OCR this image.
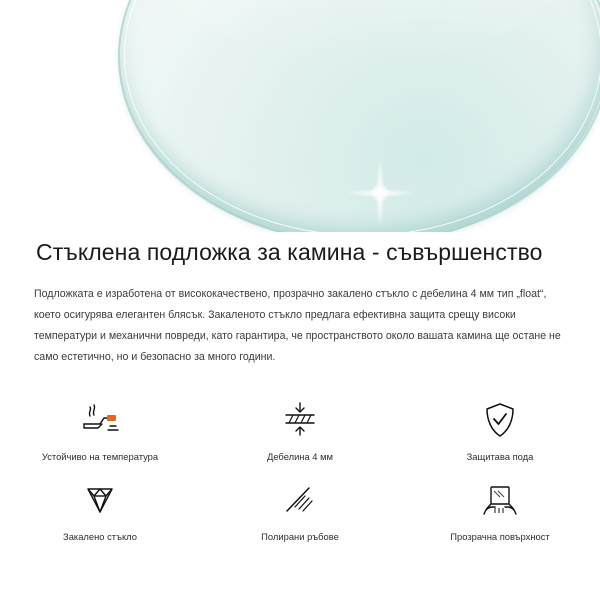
Стъклена подложка за камина - съвършенство

Подложката е изработена от висококачествено, прозрачно закалено стъкло с дебелина 4 мм тип „float“, което осигурява елегантен блясък. Закаленото стъкло предлага ефективна защита срещу високи температури и механични повреди, като гарантира, че пространството около вашата камина ще остане не само естетично, но и безопасно за много години.

Устойчиво на температура	Дебелина 4 мм	Защитава пода
Закалено стъкло	Полирани ръбове	Прозрачна повърхност
